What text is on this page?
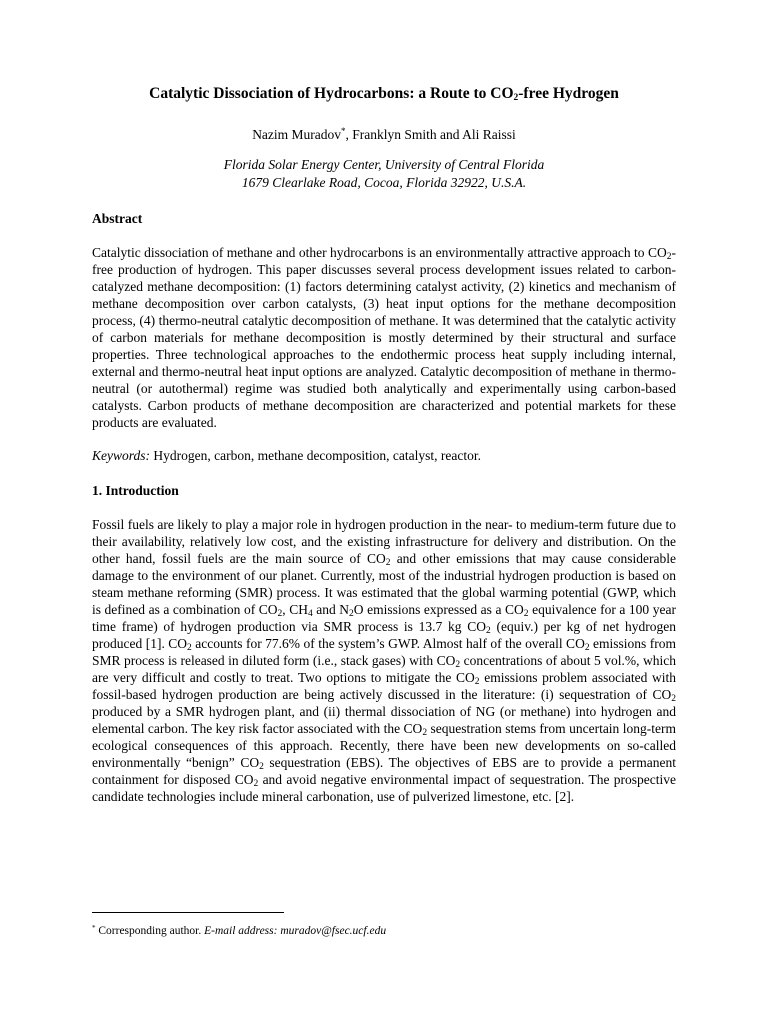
Catalytic Dissociation of Hydrocarbons: a Route to $CO_2$-free Hydrogen
Nazim Muradov*, Franklyn Smith and Ali Raissi
Florida Solar Energy Center, University of Central Florida
1679 Clearlake Road, Cocoa, Florida 32922, U.S.A.
Abstract
Catalytic dissociation of methane and other hydrocarbons is an environmentally attractive approach to $CO_2$-free production of hydrogen. This paper discusses several process development issues related to carbon-catalyzed methane decomposition: (1) factors determining catalyst activity, (2) kinetics and mechanism of methane decomposition over carbon catalysts, (3) heat input options for the methane decomposition process, (4) thermo-neutral catalytic decomposition of methane. It was determined that the catalytic activity of carbon materials for methane decomposition is mostly determined by their structural and surface properties. Three technological approaches to the endothermic process heat supply including internal, external and thermo-neutral heat input options are analyzed. Catalytic decomposition of methane in thermo-neutral (or autothermal) regime was studied both analytically and experimentally using carbon-based catalysts. Carbon products of methane decomposition are characterized and potential markets for these products are evaluated.
Keywords: Hydrogen, carbon, methane decomposition, catalyst, reactor.
1. Introduction
Fossil fuels are likely to play a major role in hydrogen production in the near- to medium-term future due to their availability, relatively low cost, and the existing infrastructure for delivery and distribution. On the other hand, fossil fuels are the main source of $CO_2$ and other emissions that may cause considerable damage to the environment of our planet. Currently, most of the industrial hydrogen production is based on steam methane reforming (SMR) process. It was estimated that the global warming potential (GWP, which is defined as a combination of $CO_2$, $CH_4$ and $N_2O$ emissions expressed as a $CO_2$ equivalence for a 100 year time frame) of hydrogen production via SMR process is 13.7 kg $CO_2$ (equiv.) per kg of net hydrogen produced [1]. $CO_2$ accounts for 77.6% of the system’s GWP. Almost half of the overall $CO_2$ emissions from SMR process is released in diluted form (i.e., stack gases) with $CO_2$ concentrations of about 5 vol.%, which are very difficult and costly to treat. Two options to mitigate the $CO_2$ emissions problem associated with fossil-based hydrogen production are being actively discussed in the literature: (i) sequestration of $CO_2$ produced by a SMR hydrogen plant, and (ii) thermal dissociation of NG (or methane) into hydrogen and elemental carbon. The key risk factor associated with the $CO_2$ sequestration stems from uncertain long-term ecological consequences of this approach. Recently, there have been new developments on so-called environmentally “benign” $CO_2$ sequestration (EBS). The objectives of EBS are to provide a permanent containment for disposed $CO_2$ and avoid negative environmental impact of sequestration. The prospective candidate technologies include mineral carbonation, use of pulverized limestone, etc. [2].
* Corresponding author. E-mail address: muradov@fsec.ucf.edu
